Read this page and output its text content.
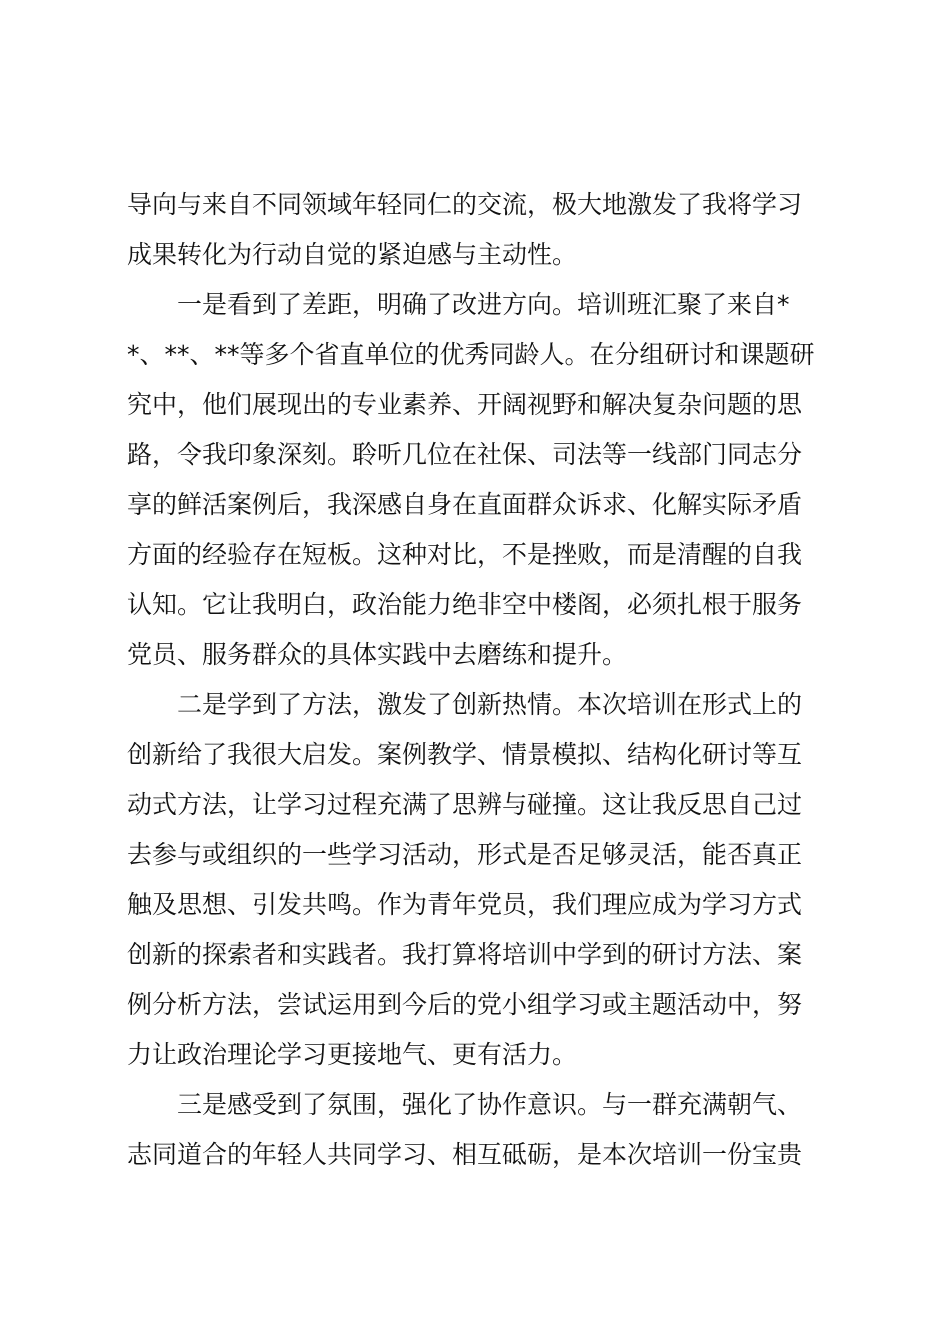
导向与来自不同领域年轻同仁的交流，极大地激发了我将学习
成果转化为行动自觉的紧迫感与主动性。
一是看到了差距，明确了改进方向。培训班汇聚了来自*
*、**、**等多个省直单位的优秀同龄人。在分组研讨和课题研
究中，他们展现出的专业素养、开阔视野和解决复杂问题的思
路，令我印象深刻。聆听几位在社保、司法等一线部门同志分
享的鲜活案例后，我深感自身在直面群众诉求、化解实际矛盾
方面的经验存在短板。这种对比，不是挫败，而是清醒的自我
认知。它让我明白，政治能力绝非空中楼阁，必须扎根于服务
党员、服务群众的具体实践中去磨练和提升。
二是学到了方法，激发了创新热情。本次培训在形式上的
创新给了我很大启发。案例教学、情景模拟、结构化研讨等互
动式方法，让学习过程充满了思辨与碰撞。这让我反思自己过
去参与或组织的一些学习活动，形式是否足够灵活，能否真正
触及思想、引发共鸣。作为青年党员，我们理应成为学习方式
创新的探索者和实践者。我打算将培训中学到的研讨方法、案
例分析方法，尝试运用到今后的党小组学习或主题活动中，努
力让政治理论学习更接地气、更有活力。
三是感受到了氛围，强化了协作意识。与一群充满朝气、
志同道合的年轻人共同学习、相互砥砺，是本次培训一份宝贵
